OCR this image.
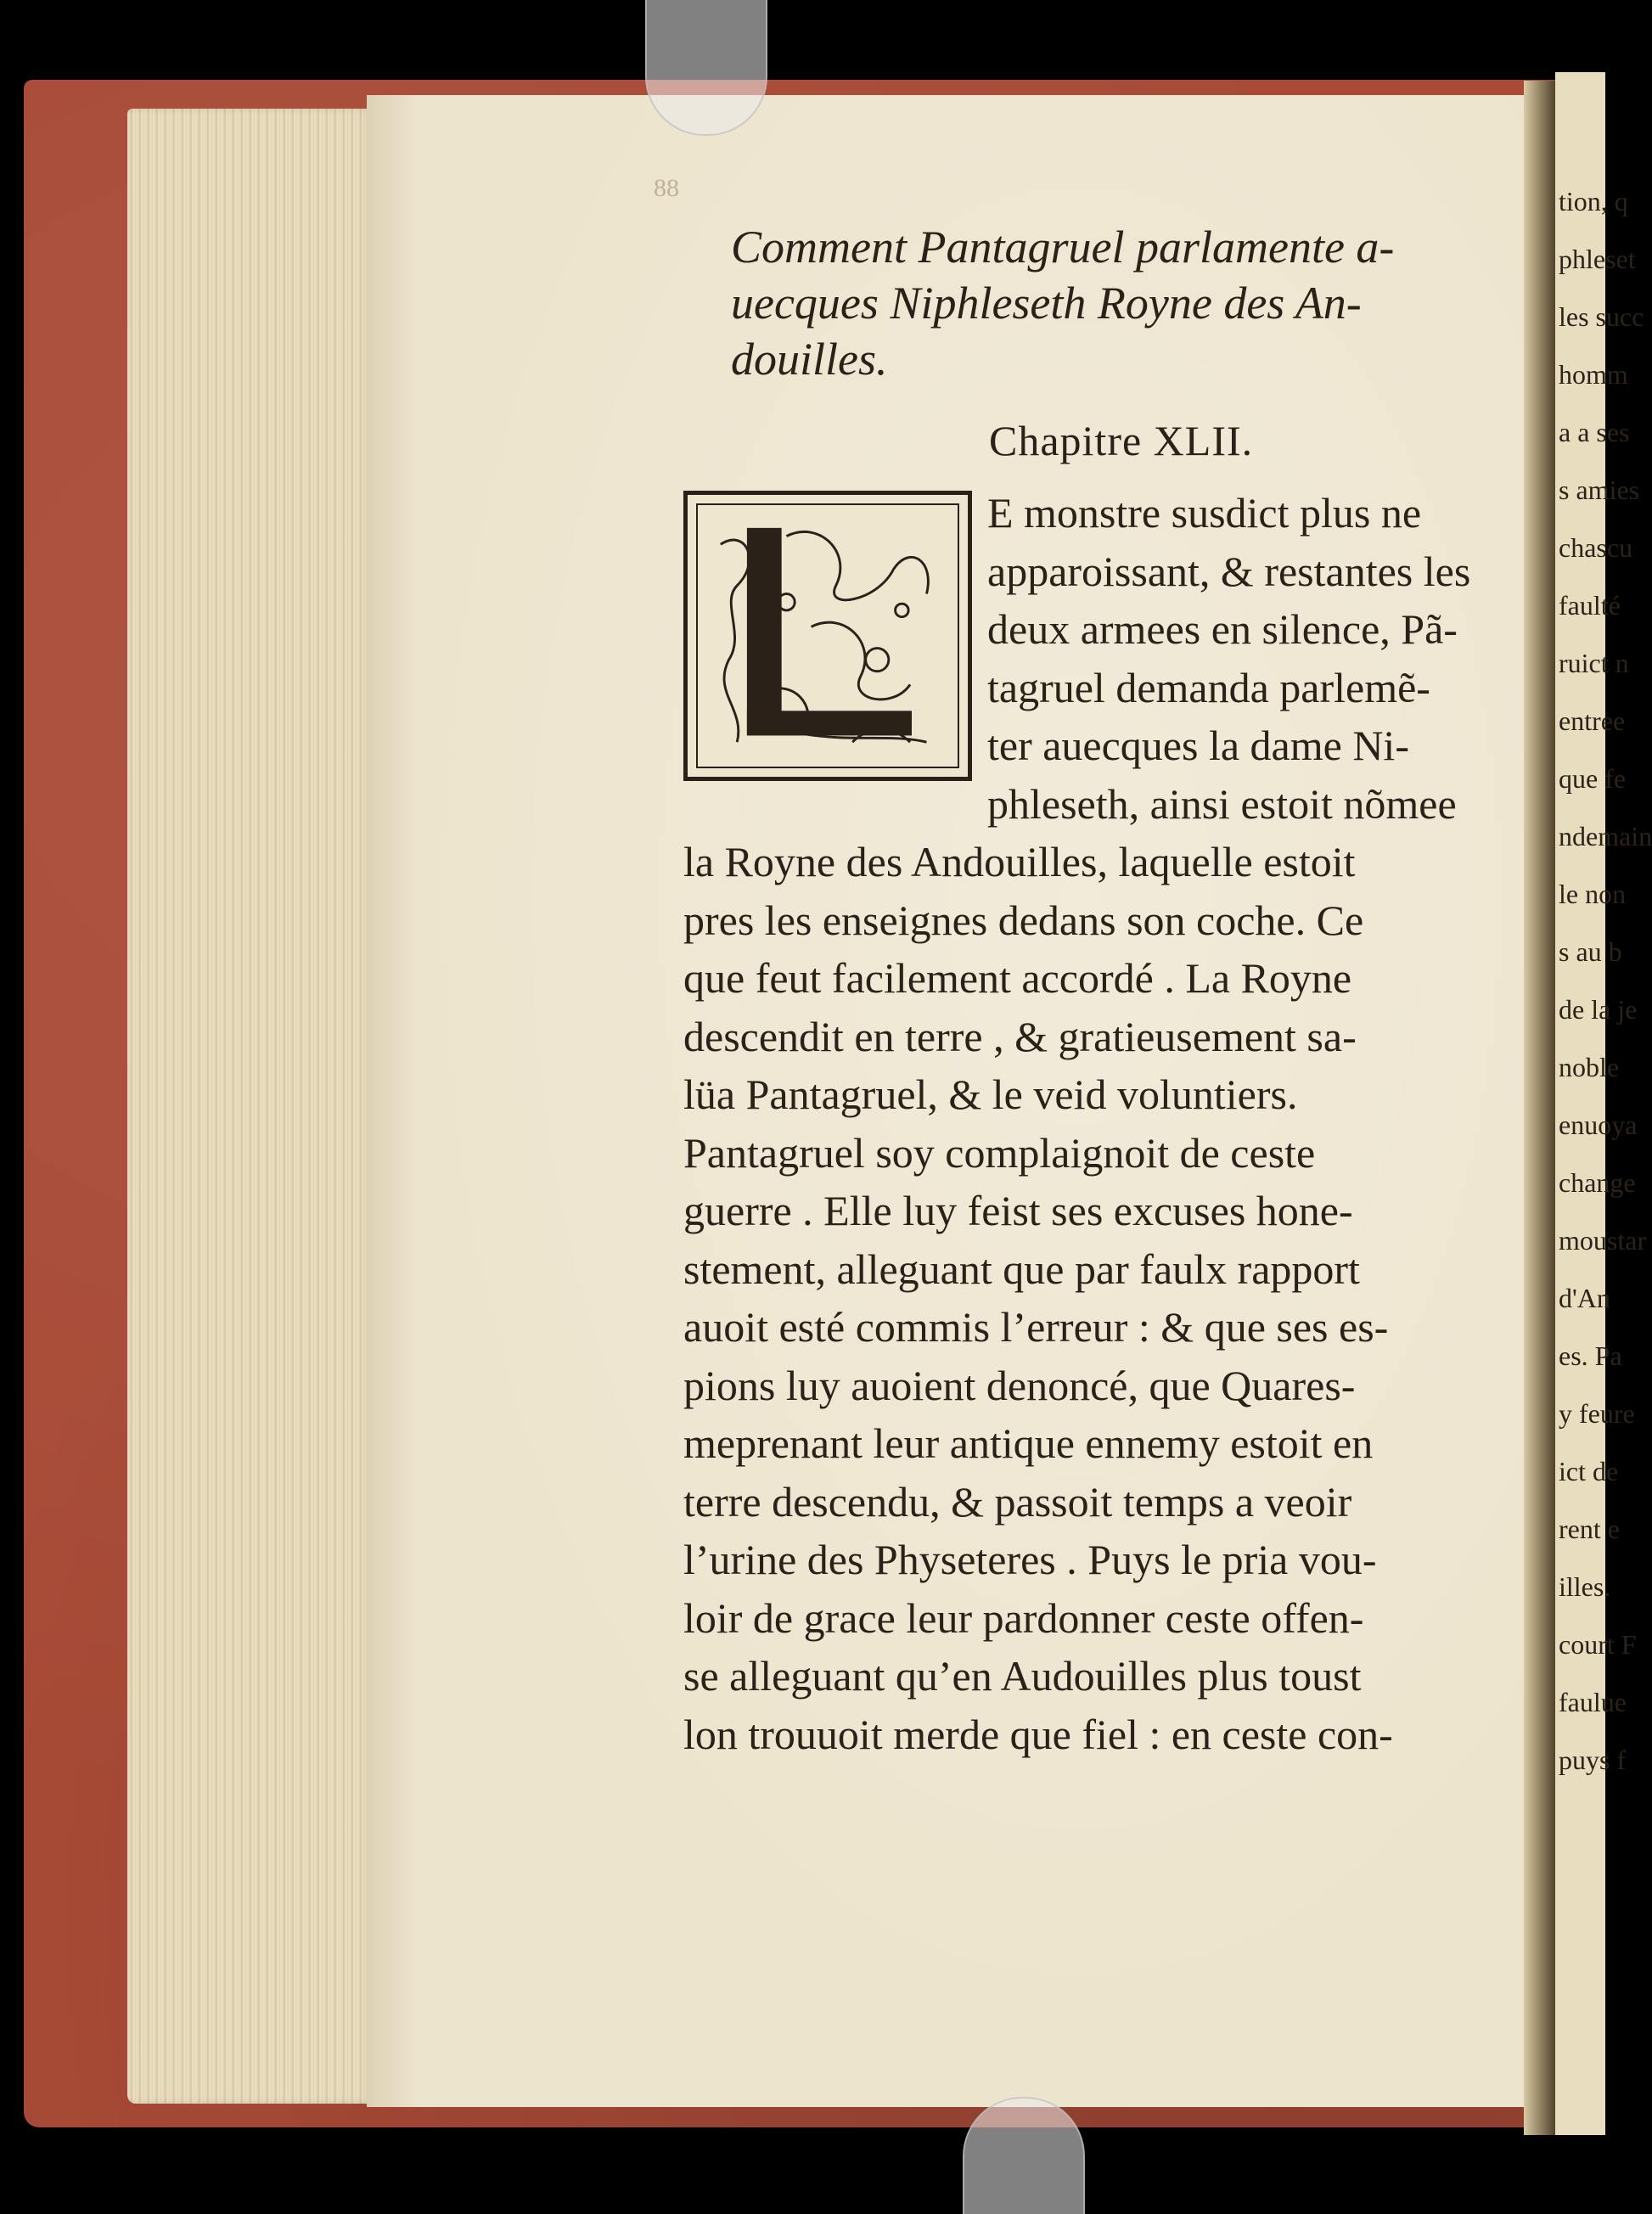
tion, q
phleset
les succ
homm
a a ses
s amies
chascu
faulté
ruict n
entree
que fe
ndemain
le non
s au b
de la je
noble
enuoya
change
moustar
d'An
es. Pa
y feure
ict de
rent e
illes.
court F
faulue
puys f
88
Comment Pantagruel parlamente a-
uecques Niphleseth Royne des An-
douilles.
Chapitre XLII.
E monstre susdict plus ne
apparoissant, & restantes les
deux armees en silence, Pã-
tagruel demanda parlemẽ-
ter auecques la dame Ni-
phleseth, ainsi estoit nõmee
la Royne des Andouilles, laquelle estoit
pres les enseignes dedans son coche. Ce
que feut facilement accordé . La Royne
descendit en terre , & gratieusement sa-
lüa Pantagruel, & le veid voluntiers.
Pantagruel soy complaignoit de ceste
guerre . Elle luy feist ses excuses hone-
stement, alleguant que par faulx rapport
auoit esté commis l’erreur : & que ses es-
pions luy auoient denoncé, que Quares-
meprenant leur antique ennemy estoit en
terre descendu, & passoit temps a veoir
l’urine des Physeteres . Puys le pria vou-
loir de grace leur pardonner ceste offen-
se alleguant qu’en Audouilles plus toust
lon trouuoit merde que fiel : en ceste con-
